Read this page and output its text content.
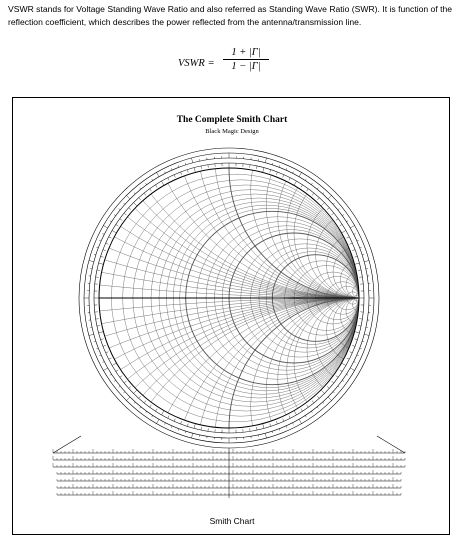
VSWR stands for Voltage Standing Wave Ratio and also referred as Standing Wave Ratio (SWR). It is function of the reflection coefficient, which describes the power reflected from the antenna/transmission line.

VSWR = $\frac{1 + |\Gamma|}{1 - |\Gamma|}$
The Complete Smith Chart
Black Magic Design
Smith Chart
